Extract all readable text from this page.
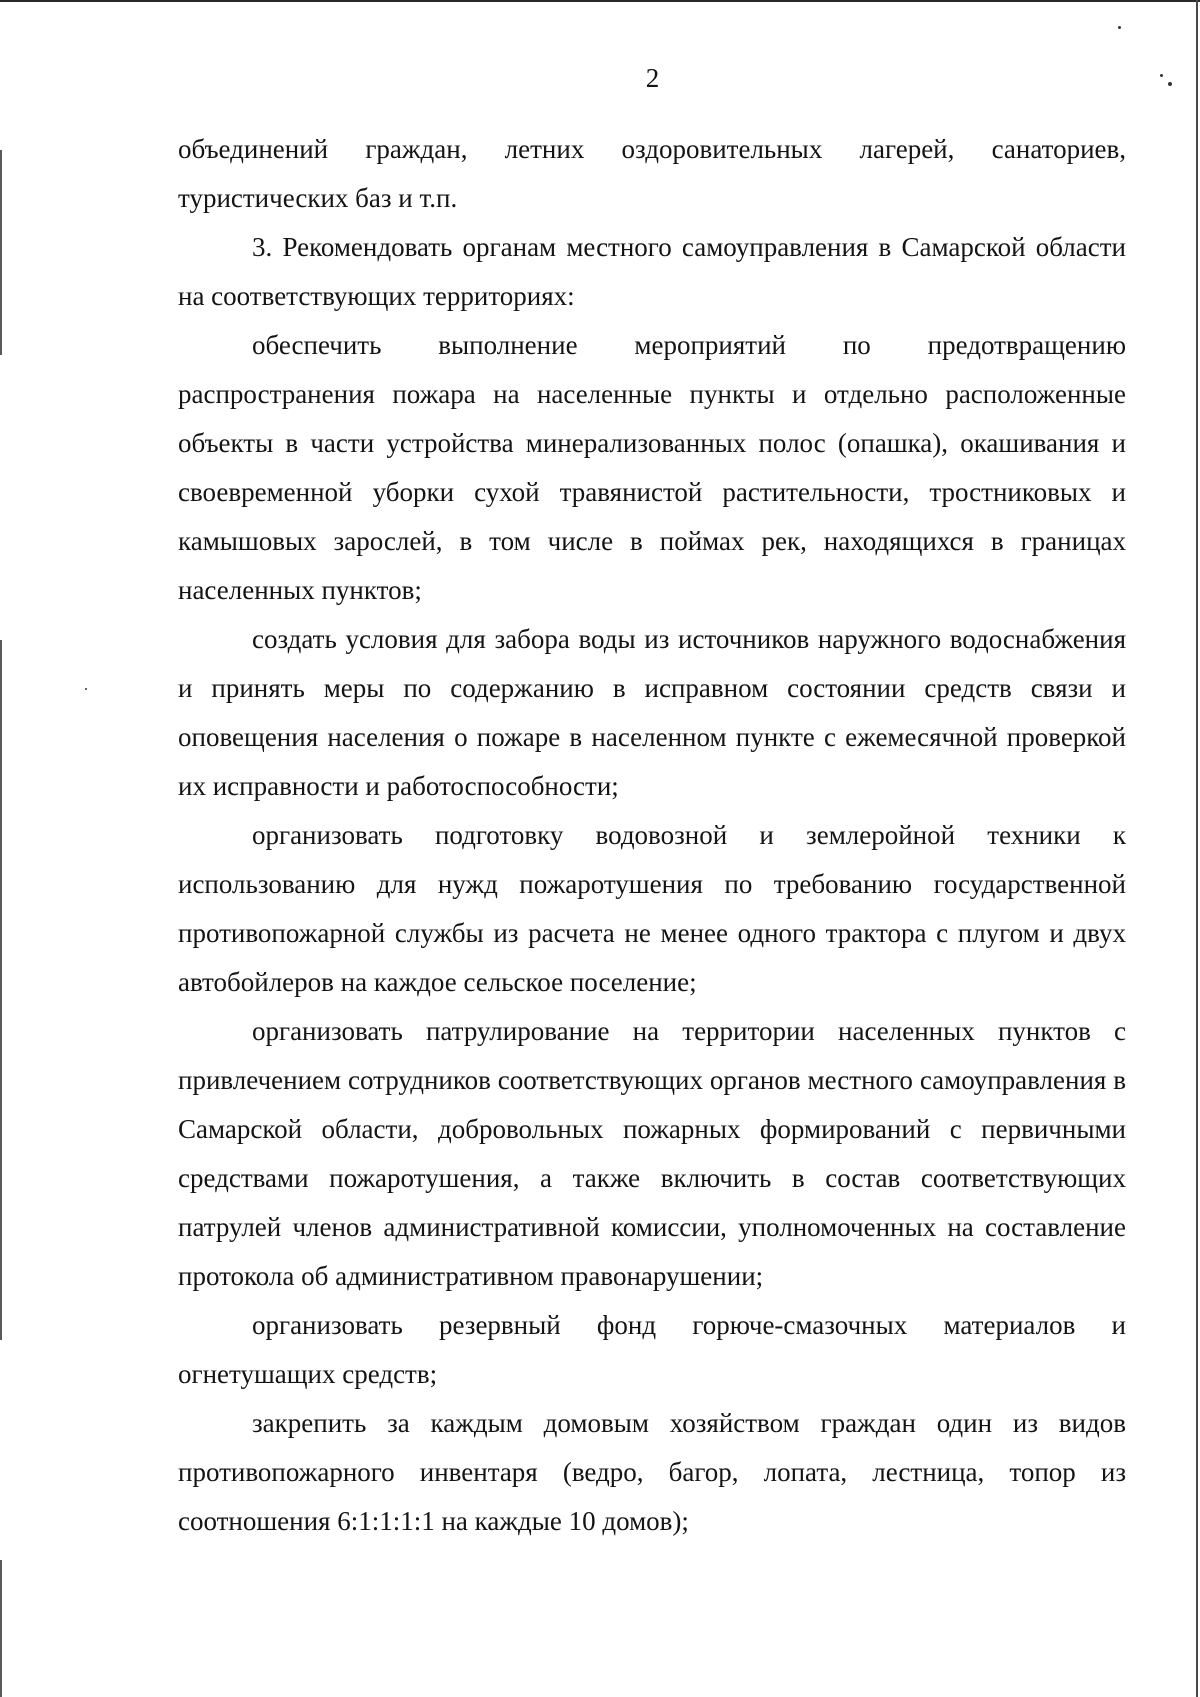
2

объединений граждан, летних оздоровительных лагерей, санаториев, туристических баз и т.п.

3. Рекомендовать органам местного самоуправления в Самарской области на соответствующих территориях:

обеспечить выполнение мероприятий по предотвращению распространения пожара на населенные пункты и отдельно расположенные объекты в части устройства минерализованных полос (опашка), окашивания и своевременной уборки сухой травянистой растительности, тростниковых и камышовых зарослей, в том числе в поймах рек, находящихся в границах населенных пунктов;

создать условия для забора воды из источников наружного водоснабжения и принять меры по содержанию в исправном состоянии средств связи и оповещения населения о пожаре в населенном пункте с ежемесячной проверкой их исправности и работоспособности;

организовать подготовку водовозной и землеройной техники к использованию для нужд пожаротушения по требованию государственной противопожарной службы из расчета не менее одного трактора с плугом и двух автобойлеров на каждое сельское поселение;

организовать патрулирование на территории населенных пунктов с привлечением сотрудников соответствующих органов местного самоуправления в Самарской области, добровольных пожарных формирований с первичными средствами пожаротушения, а также включить в состав соответствующих патрулей членов административной комиссии, уполномоченных на составление протокола об административном правонарушении;

организовать резервный фонд горюче-смазочных материалов и огнетушащих средств;

закрепить за каждым домовым хозяйством граждан один из видов противопожарного инвентаря (ведро, багор, лопата, лестница, топор из соотношения 6:1:1:1:1 на каждые 10 домов);
